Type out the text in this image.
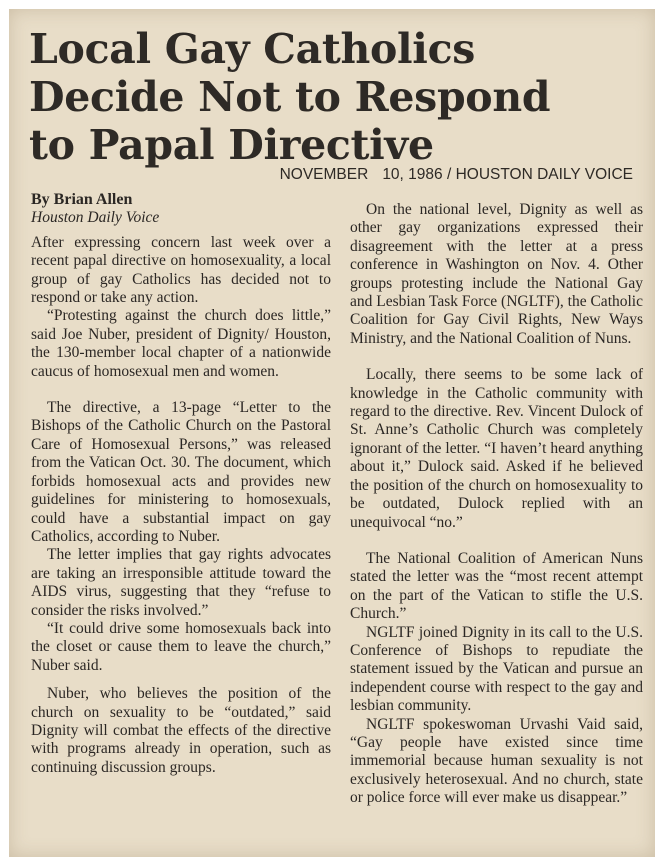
Local Gay Catholics
Decide Not to Respond
to Papal Directive
NOVEMBER 10, 1986 / HOUSTON DAILY VOICE
By Brian Allen
Houston Daily Voice

After expressing concern last week over a recent papal directive on homosexuality, a local group of gay Catholics has decided not to respond or take any action.

“Protesting against the church does little,” said Joe Nuber, president of Dignity/ Houston, the 130-member local chapter of a nationwide caucus of homosexual men and women.

The directive, a 13-page “Letter to the Bishops of the Catholic Church on the Pastoral Care of Homosexual Persons,” was released from the Vatican Oct. 30. The document, which forbids homosexual acts and provides new guidelines for ministering to homosexuals, could have a substantial impact on gay Catholics, according to Nuber.

The letter implies that gay rights advocates are taking an irresponsible attitude toward the AIDS virus, suggesting that they “refuse to consider the risks involved.”

“It could drive some homosexuals back into the closet or cause them to leave the church,” Nuber said.

Nuber, who believes the position of the church on sexuality to be “outdated,” said Dignity will combat the effects of the directive with programs already in operation, such as continuing discussion groups.

On the national level, Dignity as well as other gay organizations expressed their disagreement with the letter at a press conference in Washington on Nov. 4. Other groups protesting include the National Gay and Lesbian Task Force (NGLTF), the Catholic Coalition for Gay Civil Rights, New Ways Ministry, and the National Coalition of Nuns.

Locally, there seems to be some lack of knowledge in the Catholic community with regard to the directive. Rev. Vincent Dulock of St. Anne’s Catholic Church was completely ignorant of the letter. “I haven’t heard anything about it,” Dulock said. Asked if he believed the position of the church on homosexuality to be outdated, Dulock replied with an unequivocal “no.”

The National Coalition of American Nuns stated the letter was the “most recent attempt on the part of the Vatican to stifle the U.S. Church.”

NGLTF joined Dignity in its call to the U.S. Conference of Bishops to repudiate the statement issued by the Vatican and pursue an independent course with respect to the gay and lesbian community.

NGLTF spokeswoman Urvashi Vaid said, “Gay people have existed since time immemorial because human sexuality is not exclusively heterosexual. And no church, state or police force will ever make us disappear.”
